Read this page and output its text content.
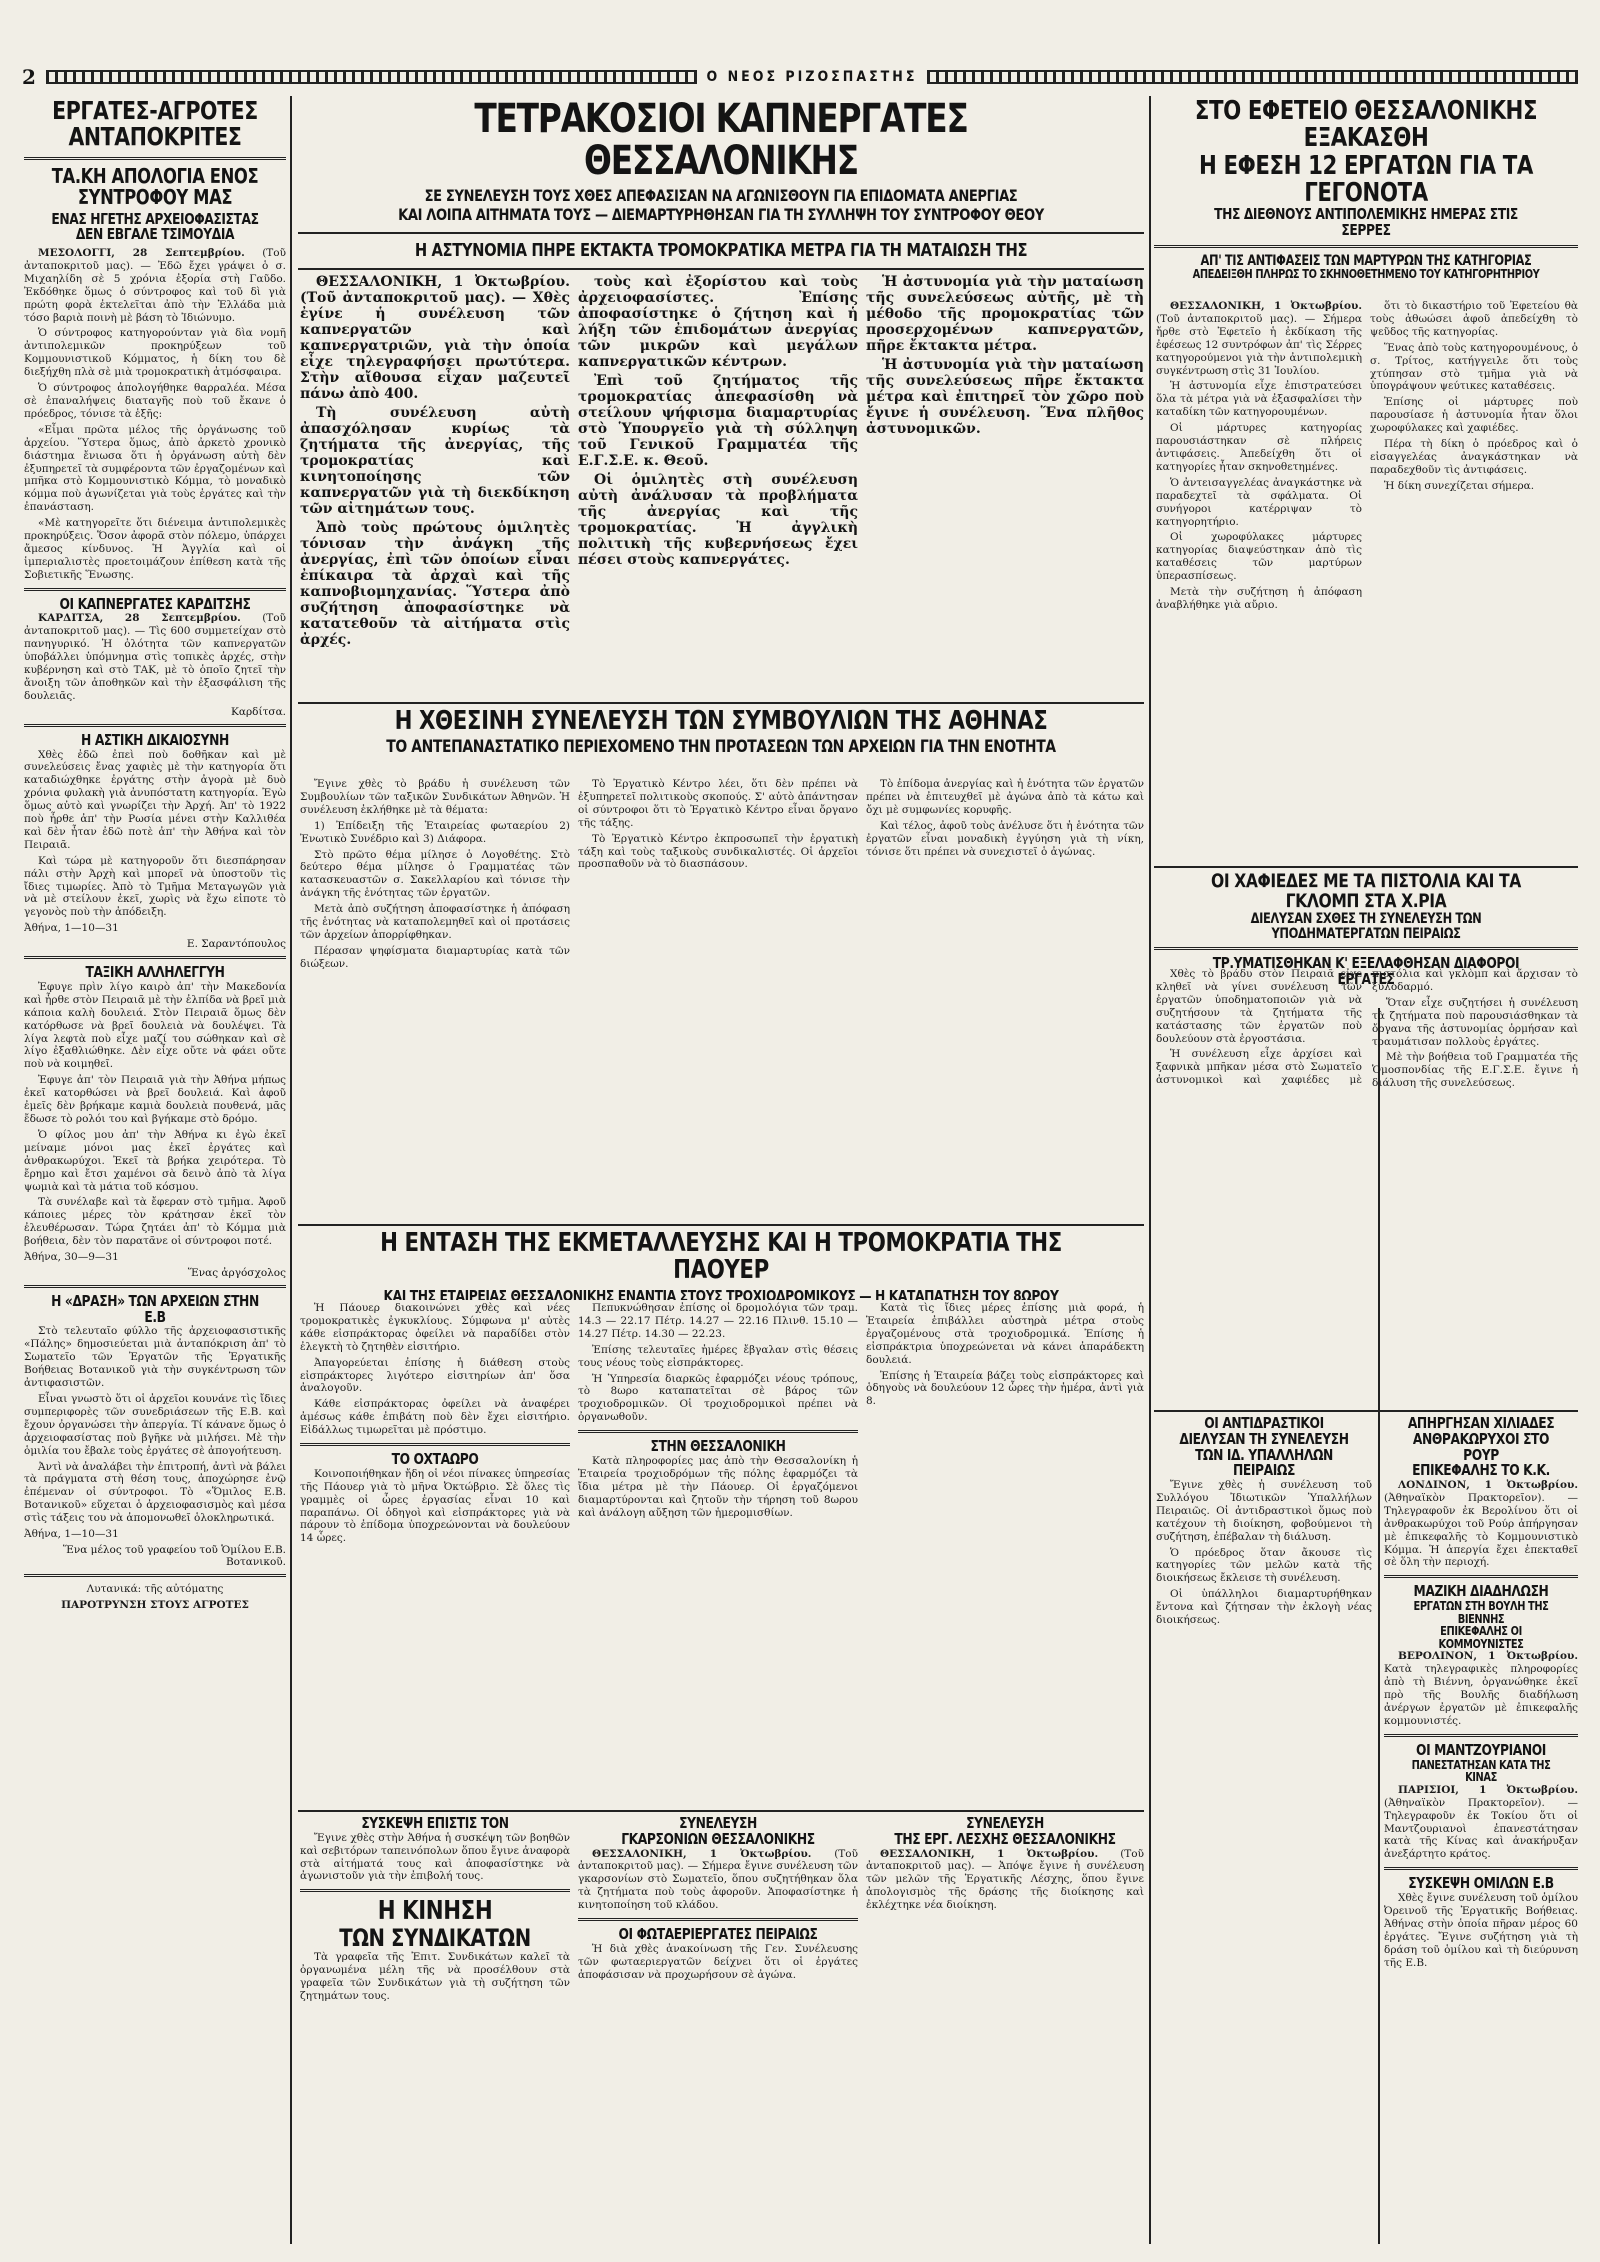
2	O ΝΕΟΣ ΡΙΖΟΣΠΑΣΤΗΣ
ΕΡΓΑΤΕΣ-ΑΓΡΟΤΕΣ ΑΝΤΑΠΟΚΡΙΤΕΣ
ΤΑ.ΚΗ ΑΠΟΛΟΓΙΑ ΕΝΟΣ ΣΥΝΤΡΟΦΟΥ ΜΑΣ
ΕΝΑΣ ΗΓΕΤΗΣ ΑΡΧΕΙΟΦΑΣΙΣΤΑΣ ΔΕΝ ΕΒΓΑΛΕ ΤΣΙΜΟΥΔΙΑ

ΜΕΣΟΛΟΓΓΙ, 28 Σεπτεμβρίου. (Τοῦ ἀνταποκριτοῦ μας). — Ἐδῶ ἔχει γράψει ὁ σ. Μιχαηλίδη σὲ 5 χρόνια ἐξορία στὴ Γαῦδο. Ἐκδόθηκε ὅμως ὁ σύντροφος καὶ τοῦ δὶ γιὰ πρώτη φορὰ ἐκτελεῖται ἀπὸ τὴν Ἑλλάδα μιὰ τόσο βαριὰ ποινὴ μὲ βάση τὸ Ἰδιώνυμο.

Ὁ σύντροφος κατηγορούνταν γιὰ δὶα νομῆ ἀντιπολεμικῶν προκηρύξεων τοῦ Κομμουνιστικοῦ Κόμματος, ἡ δίκη του δὲ διεξήχθη πλὰ σὲ μιὰ τρομοκρατικὴ ἀτμόσφαιρα.

Ὁ σύντροφος ἀπολογήθηκε θαρραλέα. Μέσα σὲ ἐπαναλήψεις διαταγῆς ποὺ τοῦ ἔκανε ὁ πρόεδρος, τόνισε τὰ ἑξῆς:

«Εἶμαι πρῶτα μέλος τῆς ὀργάνωσης τοῦ ἀρχείου. Ὕστερα ὅμως, ἀπὸ ἀρκετὸ χρονικὸ διάστημα ἔνιωσα ὅτι ἡ ὀργάνωση αὐτὴ δὲν ἐξυπηρετεῖ τὰ συμφέροντα τῶν ἐργαζομένων καὶ μπῆκα στὸ Κομμουνιστικὸ Κόμμα, τὸ μοναδικὸ κόμμα ποὺ ἀγωνίζεται γιὰ τοὺς ἐργάτες καὶ τὴν ἐπανάσταση.

«Μὲ κατηγορεῖτε ὅτι διένειμα ἀντιπολεμικὲς προκηρύξεις. Ὅσον ἀφορᾶ στὸν πόλεμο, ὑπάρχει ἄμεσος κίνδυνος. Ἡ Ἀγγλία καὶ οἱ ἱμπεριαλιστὲς προετοιμάζουν ἐπίθεση κατὰ τῆς Σοβιετικῆς Ἕνωσης.

ΟΙ ΚΑΠΝΕΡΓΑΤΕΣ ΚΑΡΔΙΤΣΗΣ

ΚΑΡΔΙΤΣΑ, 28 Σεπτεμβρίου. (Τοῦ ἀνταποκριτοῦ μας). — Τὶς 600 συμμετείχαν στὸ πανηγυρικό. Ἡ ὀλότητα τῶν καπνεργατῶν ὑποβάλλει ὑπόμνημα στὶς τοπικὲς ἀρχές, στὴν κυβέρνηση καὶ στὸ ΤΑΚ, μὲ τὸ ὁποῖο ζητεῖ τὴν ἄνοιξη τῶν ἀποθηκῶν καὶ τὴν ἐξασφάλιση τῆς δουλειᾶς.

Καρδίτσα.

Η ΑΣΤΙΚΗ ΔΙΚΑΙΟΣΥΝΗ

Χθὲς ἐδῶ ἐπεὶ ποὺ δοθῆκαν καὶ μὲ συνελεύσεις ἔνας χαφιὲς μὲ τὴν κατηγορία ὅτι καταδιώχθηκε ἐργάτης στὴν ἀγορὰ μὲ δυὸ χρόνια φυλακὴ γιὰ ἀνυπόστατη κατηγορία. Ἐγὼ ὅμως αὐτὸ καὶ γνωρίζει τὴν Ἀρχή. Ἀπ' τὸ 1922 ποὺ ἦρθε ἀπ' τὴν Ρωσία μένει στὴν Καλλιθέα καὶ δὲν ἦταν ἐδῶ ποτὲ ἀπ' τὴν Ἀθήνα καὶ τὸν Πειραιᾶ.

Καὶ τώρα μὲ κατηγοροῦν ὅτι διεσπάρησαν πάλι στὴν Ἀρχὴ καὶ μπορεῖ νὰ ὑποστοῦν τὶς ἴδιες τιμωρίες. Ἀπὸ τὸ Τμῆμα Μεταγωγῶν γιὰ νὰ μὲ στείλουν ἐκεῖ, χωρὶς νὰ ἔχω εἰποτε τὸ γεγονὸς ποὺ τὴν ἀπόδειξη.

Ἀθήνα, 1—10—31

Ε. Σαραντόπουλος

ΤΑΞΙΚΗ ΑΛΛΗΛΕΓΓΥΗ

Ἐφυγε πρὶν λίγο καιρὸ ἀπ' τὴν Μακεδονία καὶ ἦρθε στὸν Πειραιᾶ μὲ τὴν ἐλπίδα νὰ βρεῖ μιὰ κάποια καλὴ δουλειά. Στὸν Πειραιᾶ ὅμως δὲν κατόρθωσε νὰ βρεῖ δουλειὰ νὰ δουλέψει. Τὰ λίγα λεφτὰ ποὺ εἶχε μαζί του σώθηκαν καὶ σὲ λίγο ἐξαθλιώθηκε. Δὲν εἶχε οὔτε νὰ φάει οὔτε ποὺ νὰ κοιμηθεῖ.

Ἐφυγε ἀπ' τὸν Πειραιᾶ γιὰ τὴν Ἀθήνα μήπως ἐκεῖ κατορθώσει νὰ βρεῖ δουλειά. Καὶ ἀφοῦ ἐμεῖς δὲν βρήκαμε καμιὰ δουλειὰ πουθενά, μᾶς ἔδωσε τὸ ρολόι του καὶ βγήκαμε στὸ δρόμο.

Ὁ φίλος μου ἀπ' τὴν Ἀθήνα κι ἐγὼ ἐκεῖ μείναμε μόνοι μας ἐκεῖ ἐργάτες καὶ ἀνθρακωρύχοι. Ἐκεῖ τὰ βρήκα χειρότερα. Τὸ ἔρημο καὶ ἔτσι χαμένοι σὰ δεινὸ ἀπὸ τὰ λίγα ψωμιὰ καὶ τὰ μάτια τοῦ κόσμου.

Τὰ συνέλαβε καὶ τὰ ἔφεραν στὸ τμῆμα. Ἀφοῦ κάποιες μέρες τὸν κράτησαν ἐκεῖ τὸν ἐλευθέρωσαν. Τώρα ζητάει ἀπ' τὸ Κόμμα μιὰ βοήθεια, δὲν τὸν παρατᾶνε οἱ σύντροφοι ποτέ.

Ἀθήνα, 30—9—31

Ἕνας ἀργόσχολος

Η «ΔΡΑΣΗ» ΤΩΝ ΑΡΧΕΙΩΝ ΣΤΗΝ Ε.Β

Στὸ τελευταῖο φύλλο τῆς ἀρχειοφασιστικῆς «Πάλης» δημοσιεύεται μιὰ ἀνταπόκριση ἀπ' τὸ Σωματεῖο τῶν Ἐργατῶν τῆς Ἐργατικῆς Βοήθειας Βοτανικοῦ γιὰ τὴν συγκέντρωση τῶν ἀντιφασιστῶν.

Εἶναι γνωστὸ ὅτι οἱ ἀρχεῖοι κουνάνε τὶς ἴδιες συμπεριφορὲς τῶν συνεδριάσεων τῆς Ε.Β. καὶ ἔχουν ὀργανώσει τὴν ἀπεργία. Τί κάνανε ὅμως ὁ ἀρχειοφασίστας ποὺ βγῆκε νὰ μιλήσει. Μὲ τὴν ὁμιλία του ἔβαλε τοὺς ἐργάτες σὲ ἀπογοήτευση.

Ἀντὶ νὰ ἀναλάβει τὴν ἐπιτροπή, ἀντὶ νὰ βάλει τὰ πράγματα στὴ θέση τους, ἀποχώρησε ἐνῷ ἐπέμεναν οἱ σύντροφοι. Τὸ «Ὅμιλος Ε.Β. Βοτανικοῦ» εὔχεται ὁ ἀρχειοφασισμὸς καὶ μέσα στὶς τάξεις του νὰ ἀπομονωθεῖ ὁλοκληρωτικά.

Ἀθήνα, 1—10—31

Ἕνα μέλος τοῦ γραφείου τοῦ Ὁμίλου Ε.Β. Βοτανικοῦ.

Λυτανικά: τῆς αὐτόματης

ΠΑΡΟΤΡΥΝΣΗ ΣΤΟΥΣ ΑΓΡΟΤΕΣ

ΤΕΤΡΑΚΟΣΙΟΙ ΚΑΠΝΕΡΓΑΤΕΣ ΘΕΣΣΑΛΟΝΙΚΗΣ
ΣΕ ΣΥΝΕΛΕΥΣΗ ΤΟΥΣ ΧΘΕΣ ΑΠΕΦΑΣΙΣΑΝ ΝΑ ΑΓΩΝΙΣΘΟΥΝ ΓΙΑ ΕΠΙΔΟΜΑΤΑ ΑΝΕΡΓΙΑΣ
ΚΑΙ ΛΟΙΠΑ ΑΙΤΗΜΑΤΑ ΤΟΥΣ — ΔΙΕΜΑΡΤΥΡΗΘΗΣΑΝ ΓΙΑ ΤΗ ΣΥΛΛΗΨΗ ΤΟΥ ΣΥΝΤΡΟΦΟΥ ΘΕΟΥ
Η ΑΣΤΥΝΟΜΙΑ ΠΗΡΕ ΕΚΤΑΚΤΑ ΤΡΟΜΟΚΡΑΤΙΚΑ ΜΕΤΡΑ ΓΙΑ ΤΗ ΜΑΤΑΙΩΣΗ ΤΗΣ

ΘΕΣΣΑΛΟΝΙΚΗ, 1 Ὀκτωβρίου. (Τοῦ ἀνταποκριτοῦ μας). — Χθὲς ἐγίνε ἡ συνέλευση τῶν καπνεργατῶν καὶ καπνεργατριῶν, γιὰ τὴν ὁποία εἶχε τηλεγραφήσει πρωτύτερα. Στὴν αἴθουσα εἶχαν μαζευτεῖ πάνω ἀπὸ 400.

Τὴ συνέλευση αὐτὴ ἀπασχόλησαν κυρίως τὰ ζητήματα τῆς ἀνεργίας, τῆς τρομοκρατίας καὶ κινητοποίησης τῶν καπνεργατῶν γιὰ τὴ διεκδίκηση τῶν αἰτημάτων τους.

Ἀπὸ τοὺς πρώτους ὁμιλητὲς τόνισαν τὴν ἀνάγκη τῆς ἀνεργίας, ἐπὶ τῶν ὁποίων εἶναι ἐπίκαιρα τὰ ἀρχαὶ καὶ τῆς καπνοβιομηχανίας. Ὕστερα ἀπὸ συζήτηση ἀποφασίστηκε νὰ κατατεθοῦν τὰ αἰτήματα στὶς ἀρχές.

τοὺς καὶ ἐξορίστου καὶ τοὺς ἀρχειοφασίστες. Ἐπίσης ἀποφασίστηκε ὁ ζήτηση καὶ ἡ λήξη τῶν ἐπιδομάτων ἀνεργίας τῶν μικρῶν καὶ μεγάλων καπνεργατικῶν κέντρων.

Ἐπὶ τοῦ ζητήματος τῆς τρομοκρατίας ἀπεφασίσθη νὰ στείλουν ψήφισμα διαμαρτυρίας στὸ Ὑπουργεῖο γιὰ τὴ σύλληψη τοῦ Γενικοῦ Γραμματέα τῆς Ε.Γ.Σ.Ε. κ. Θεοῦ.

Οἱ ὁμιλητὲς στὴ συνέλευση αὐτὴ ἀνάλυσαν τὰ προβλήματα τῆς ἀνεργίας καὶ τῆς τρομοκρατίας. Ἡ ἀγγλικὴ πολιτικὴ τῆς κυβερνήσεως ἔχει πέσει στοὺς καπνεργάτες.

Ἡ ἀστυνομία γιὰ τὴν ματαίωση τῆς συνελεύσεως αὐτῆς, μὲ τὴ μέθοδο τῆς προμοκρατίας τῶν προσερχομένων καπνεργατῶν, πῆρε ἔκτακτα μέτρα.

Ἡ ἀστυνομία γιὰ τὴν ματαίωση τῆς συνελεύσεως πῆρε ἔκτακτα μέτρα καὶ ἐπιτηρεῖ τὸν χῶρο ποὺ ἔγινε ἡ συνέλευση. Ἕνα πλῆθος ἀστυνομικῶν.

Η ΧΘΕΣΙΝΗ ΣΥΝΕΛΕΥΣΗ ΤΩΝ ΣΥΜΒΟΥΛΙΩΝ ΤΗΣ ΑΘΗΝΑΣ
ΤΟ ΑΝΤΕΠΑΝΑΣΤΑΤΙΚΟ ΠΕΡΙΕΧΟΜΕΝΟ ΤΗΝ ΠΡΟΤΑΣΕΩΝ ΤΩΝ ΑΡΧΕΙΩΝ ΓΙΑ ΤΗΝ ΕΝΟΤΗΤΑ

Ἔγινε χθὲς τὸ βράδυ ἡ συνέλευση τῶν Συμβουλίων τῶν ταξικῶν Συνδικάτων Ἀθηνῶν. Ἡ συνέλευση ἐκλήθηκε μὲ τὰ θέματα:

1) Ἐπίδειξη τῆς Ἑταιρείας φωταερίου 2) Ἐνωτικὸ Συνέδριο καὶ 3) Διάφορα.

Στὸ πρῶτο θέμα μίλησε ὁ Λογοθέτης. Στὸ δεύτερο θέμα μίλησε ὁ Γραμματέας τῶν κατασκευαστῶν σ. Σακελλαρίου καὶ τόνισε τὴν ἀνάγκη τῆς ἑνότητας τῶν ἐργατῶν.

Μετὰ ἀπὸ συζήτηση ἀποφασίστηκε ἡ ἀπόφαση τῆς ἑνότητας νὰ καταπολεμηθεῖ καὶ οἱ προτάσεις τῶν ἀρχείων ἀπορρίφθηκαν.

Πέρασαν ψηφίσματα διαμαρτυρίας κατὰ τῶν διώξεων.

Τὸ Ἐργατικὸ Κέντρο λέει, ὅτι δὲν πρέπει νὰ ἐξυπηρετεῖ πολιτικοὺς σκοπούς. Σ' αὐτὸ ἀπάντησαν οἱ σύντροφοι ὅτι τὸ Ἐργατικὸ Κέντρο εἶναι ὄργανο τῆς τάξης.

Τὸ Ἐργατικὸ Κέντρο ἐκπροσωπεῖ τὴν ἐργατικὴ τάξη καὶ τοὺς ταξικοὺς συνδικαλιστές. Οἱ ἀρχεῖοι προσπαθοῦν νὰ τὸ διασπάσουν.

Τὸ ἐπίδομα ἀνεργίας καὶ ἡ ἑνότητα τῶν ἐργατῶν πρέπει νὰ ἐπιτευχθεῖ μὲ ἀγώνα ἀπὸ τὰ κάτω καὶ ὄχι μὲ συμφωνίες κορυφῆς.

Καὶ τέλος, ἀφοῦ τοὺς ἀνέλυσε ὅτι ἡ ἑνότητα τῶν ἐργατῶν εἶναι μοναδικὴ ἐγγύηση γιὰ τὴ νίκη, τόνισε ὅτι πρέπει νὰ συνεχιστεῖ ὁ ἀγώνας.

Η ΕΝΤΑΣΗ ΤΗΣ ΕΚΜΕΤΑΛΛΕΥΣΗΣ ΚΑΙ Η ΤΡΟΜΟΚΡΑΤΙΑ ΤΗΣ ΠΑΟΥΕΡ
ΚΑΙ ΤΗΣ ΕΤΑΙΡΕΙΑΣ ΘΕΣΣΑΛΟΝΙΚΗΣ ΕΝΑΝΤΙΑ ΣΤΟΥΣ ΤΡΟΧΙΟΔΡΟΜΙΚΟΥΣ — Η ΚΑΤΑΠΑΤΗΣΗ ΤΟΥ 8ΩΡΟΥ

Ἡ Πάουερ διακοινώνει χθὲς καὶ νέες τρομοκρατικὲς ἐγκυκλίους. Σύμφωνα μ' αὐτὲς κάθε εἰσπράκτορας ὀφείλει νὰ παραδίδει στὸν ἐλεγκτὴ τὸ ζητηθὲν εἰσιτήριο.

Ἀπαγορεύεται ἐπίσης ἡ διάθεση στοὺς εἰσπράκτορες λιγότερο εἰσιτηρίων ἀπ' ὅσα ἀναλογοῦν.

Κάθε εἰσπράκτορας ὀφείλει νὰ ἀναφέρει ἀμέσως κάθε ἐπιβάτη ποὺ δὲν ἔχει εἰσιτήριο. Εἰδάλλως τιμωρεῖται μὲ πρόστιμο.

ΤΟ ΟΧΤΑΩΡΟ

Κοινοποιήθηκαν ἤδη οἱ νέοι πίνακες ὑπηρεσίας τῆς Πάουερ γιὰ τὸ μῆνα Ὀκτώβριο. Σὲ ὅλες τὶς γραμμὲς οἱ ὧρες ἐργασίας εἶναι 10 καὶ παραπάνω. Οἱ ὁδηγοὶ καὶ εἰσπράκτορες γιὰ νὰ πάρουν τὸ ἐπίδομα ὑποχρεώνονται νὰ δουλεύουν 14 ὧρες.

Πεπυκνώθησαν ἐπίσης οἱ δρομολόγια τῶν τραμ. 14.3 — 22.17 Πέτρ. 14.27 — 22.16 Πλινθ. 15.10 — 14.27 Πέτρ. 14.30 — 22.23.

Ἐπίσης τελευταῖες ἡμέρες ἔβγαλαν στὶς θέσεις τους νέους τοὺς εἰσπράκτορες.

Ἡ Ὑπηρεσία διαρκῶς ἐφαρμόζει νέους τρόπους, τὸ 8ωρο καταπατεῖται σὲ βάρος τῶν τροχιοδρομικῶν. Οἱ τροχιοδρομικοὶ πρέπει νὰ ὀργανωθοῦν.

ΣΤΗΝ ΘΕΣΣΑΛΟΝΙΚΗ

Κατὰ πληροφορίες μας ἀπὸ τὴν Θεσσαλονίκη ἡ Ἑταιρεία τροχιοδρόμων τῆς πόλης ἐφαρμόζει τὰ ἴδια μέτρα μὲ τὴν Πάουερ. Οἱ ἐργαζόμενοι διαμαρτύρονται καὶ ζητοῦν τὴν τήρηση τοῦ 8ωρου καὶ ἀνάλογη αὔξηση τῶν ἡμερομισθίων.

Κατὰ τὶς ἴδιες μέρες ἐπίσης μιὰ φορά, ἡ Ἑταιρεία ἐπιβάλλει αὐστηρὰ μέτρα στοὺς ἐργαζομένους στὰ τροχιοδρομικά. Ἐπίσης ἡ εἰσπράκτρια ὑποχρεώνεται νὰ κάνει ἀπαράδεκτη δουλειά.

Ἐπίσης ἡ Ἑταιρεία βάζει τοὺς εἰσπράκτορες καὶ ὁδηγοὺς νὰ δουλεύουν 12 ὧρες τὴν ἡμέρα, ἀντὶ γιὰ 8.

ΣΥΣΚΕΨΗ ΕΠΙΣΤΙΣ ΤΟΝ

Ἔγινε χθὲς στὴν Ἀθήνα ἡ συσκέψη τῶν βοηθῶν καὶ σεβιτόρων ταπεινόπολων ὅπου ἔγινε ἀναφορὰ στὰ αἰτήματά τους καὶ ἀποφασίστηκε νὰ ἀγωνιστοῦν γιὰ τὴν ἐπιβολή τους.

Η ΚΙΝΗΣΗ
ΤΩΝ ΣΥΝΔΙΚΑΤΩΝ

Τὰ γραφεῖα τῆς Ἐπιτ. Συνδικάτων καλεῖ τὰ ὀργανωμένα μέλη τῆς νὰ προσέλθουν στὰ γραφεῖα τῶν Συνδικάτων γιὰ τὴ συζήτηση τῶν ζητημάτων τους.

ΣΥΝΕΛΕΥΣΗ
ΓΚΑΡΣΟΝΙΩΝ ΘΕΣΣΑΛΟΝΙΚΗΣ

ΘΕΣΣΑΛΟΝΙΚΗ, 1 Ὀκτωβρίου. (Τοῦ ἀνταποκριτοῦ μας). — Σήμερα ἔγινε συνέλευση τῶν γκαρσονίων στὸ Σωματεῖο, ὅπου συζητήθηκαν ὅλα τὰ ζητήματα ποὺ τοὺς ἀφοροῦν. Ἀποφασίστηκε ἡ κινητοποίηση τοῦ κλάδου.

ΟΙ ΦΩΤΑΕΡΙΕΡΓΑΤΕΣ ΠΕΙΡΑΙΩΣ

Ἡ διὰ χθὲς ἀνακοίνωση τῆς Γεν. Συνέλευσης τῶν φωταεριεργατῶν δείχνει ὅτι οἱ ἐργάτες ἀποφάσισαν νὰ προχωρήσουν σὲ ἀγώνα.

ΣΥΝΕΛΕΥΣΗ
ΤΗΣ ΕΡΓ. ΛΕΣΧΗΣ ΘΕΣΣΑΛΟΝΙΚΗΣ

ΘΕΣΣΑΛΟΝΙΚΗ, 1 Ὀκτωβρίου. (Τοῦ ἀνταποκριτοῦ μας). — Ἀπόψε ἔγινε ἡ συνέλευση τῶν μελῶν τῆς Ἐργατικῆς Λέσχης, ὅπου ἔγινε ἀπολογισμὸς τῆς δράσης τῆς διοίκησης καὶ ἐκλέχτηκε νέα διοίκηση.

ΣΤΟ ΕΦΕΤΕΙΟ ΘΕΣΣΑΛΟΝΙΚΗΣ ΕΞΑΚΑΣΘΗ
Η ΕΦΕΣΗ 12 ΕΡΓΑΤΩΝ ΓΙΑ ΤΑ ΓΕΓΟΝΟΤΑ
ΤΗΣ ΔΙΕΘΝΟΥΣ ΑΝΤΙΠΟΛΕΜΙΚΗΣ ΗΜΕΡΑΣ ΣΤΙΣ ΣΕΡΡΕΣ
ΑΠ' ΤΙΣ ΑΝΤΙΦΑΣΕΙΣ ΤΩΝ ΜΑΡΤΥΡΩΝ ΤΗΣ ΚΑΤΗΓΟΡΙΑΣ
ΑΠΕΔΕΙΞΘΗ ΠΛΗΡΩΣ ΤΟ ΣΚΗΝΟΘΕΤΗΜΕΝΟ ΤΟΥ ΚΑΤΗΓΟΡΗΤΗΡΙΟΥ

ΘΕΣΣΑΛΟΝΙΚΗ, 1 Ὀκτωβρίου. (Τοῦ ἀνταποκριτοῦ μας). — Σήμερα ἤρθε στὸ Ἐφετεῖο ἡ ἐκδίκαση τῆς ἐφέσεως 12 συντρόφων ἀπ' τὶς Σέρρες κατηγορούμενοι γιὰ τὴν ἀντιπολεμικὴ συγκέντρωση στὶς 31 Ἰουλίου.

Ἡ ἀστυνομία εἶχε ἐπιστρατεύσει ὅλα τὰ μέτρα γιὰ νὰ ἐξασφαλίσει τὴν καταδίκη τῶν κατηγορουμένων.

Οἱ μάρτυρες κατηγορίας παρουσιάστηκαν σὲ πλήρεις ἀντιφάσεις. Ἀπεδείχθη ὅτι οἱ κατηγορίες ἦταν σκηνοθετημένες.

Ὁ ἀντεισαγγελέας ἀναγκάστηκε νὰ παραδεχτεῖ τὰ σφάλματα. Οἱ συνήγοροι κατέρριψαν τὸ κατηγορητήριο.

Οἱ χωροφύλακες μάρτυρες κατηγορίας διαψεύστηκαν ἀπὸ τὶς καταθέσεις τῶν μαρτύρων ὑπερασπίσεως.

Μετὰ τὴν συζήτηση ἡ ἀπόφαση ἀναβλήθηκε γιὰ αὔριο.

ὅτι τὸ δικαστήριο τοῦ Ἐφετείου θὰ τοὺς ἀθωώσει ἀφοῦ ἀπεδείχθη τὸ ψεῦδος τῆς κατηγορίας.

Ἕνας ἀπὸ τοὺς κατηγορουμένους, ὁ σ. Τρίτος, κατήγγειλε ὅτι τοὺς χτύπησαν στὸ τμῆμα γιὰ νὰ ὑπογράψουν ψεύτικες καταθέσεις.

Ἐπίσης οἱ μάρτυρες ποὺ παρουσίασε ἡ ἀστυνομία ἦταν ὅλοι χωροφύλακες καὶ χαφιέδες.

Πέρα τὴ δίκη ὁ πρόεδρος καὶ ὁ εἰσαγγελέας ἀναγκάστηκαν νὰ παραδεχθοῦν τὶς ἀντιφάσεις.

Ἡ δίκη συνεχίζεται σήμερα.

ΟΙ ΧΑΦΙΕΔΕΣ ΜΕ ΤΑ ΠΙΣΤΟΛΙΑ ΚΑΙ ΤΑ ΓΚΛΟΜΠ ΣΤΑ Χ.ΡΙΑ
ΔΙΕΛΥΣΑΝ ΣΧΘΕΣ ΤΗ ΣΥΝΕΛΕΥΣΗ ΤΩΝ ΥΠΟΔΗΜΑΤΕΡΓΑΤΩΝ ΠΕΙΡΑΙΩΣ
ΤΡ.ΥΜΑΤΙΣΘΗΚΑΝ Κ' ΕΞΕΛΑΦΘΗΣΑΝ ΔΙΑΦΟΡΟΙ ΕΡΓΑΤΕΣ

Χθὲς τὸ βράδυ στὸν Πειραιᾶ εἶχε κληθεῖ νὰ γίνει συνέλευση τῶν ἐργατῶν ὑποδηματοποιῶν γιὰ νὰ συζητήσουν τὰ ζητήματα τῆς κατάστασης τῶν ἐργατῶν ποὺ δουλεύουν στὰ ἐργοστάσια.

Ἡ συνέλευση εἶχε ἀρχίσει καὶ ξαφνικὰ μπῆκαν μέσα στὸ Σωματεῖο ἀστυνομικοὶ καὶ χαφιέδες μὲ πιστόλια καὶ γκλὸμπ καὶ ἄρχισαν τὸ ξυλοδαρμό.

Ὅταν εἶχε συζητήσει ἡ συνέλευση τὰ ζητήματα ποὺ παρουσιάσθηκαν τὰ ὄργανα τῆς ἀστυνομίας ὁρμήσαν καὶ τραυμάτισαν πολλοὺς ἐργάτες.

Μὲ τὴν βοήθεια τοῦ Γραμματέα τῆς Ὁμοσπονδίας τῆς Ε.Γ.Σ.Ε. ἔγινε ἡ διάλυση τῆς συνελεύσεως.

ΟΙ ΑΝΤΙΔΡΑΣΤΙΚΟΙ
ΔΙΕΛΥΣΑΝ ΤΗ ΣΥΝΕΛΕΥΣΗ
ΤΩΝ ΙΔ. ΥΠΑΛΛΗΛΩΝ ΠΕΙΡΑΙΩΣ

Ἔγινε χθὲς ἡ συνέλευση τοῦ Συλλόγου Ἰδιωτικῶν Ὑπαλλήλων Πειραιῶς. Οἱ ἀντιδραστικοὶ ὅμως ποὺ κατέχουν τὴ διοίκηση, φοβούμενοι τὴ συζήτηση, ἐπέβαλαν τὴ διάλυση.

Ὁ πρόεδρος ὅταν ἄκουσε τὶς κατηγορίες τῶν μελῶν κατὰ τῆς διοικήσεως ἔκλεισε τὴ συνέλευση.

Οἱ ὑπάλληλοι διαμαρτυρήθηκαν ἔντονα καὶ ζήτησαν τὴν ἐκλογὴ νέας διοικήσεως.

ΑΠΗΡΓΗΣΑΝ ΧΙΛΙΑΔΕΣ
ΑΝΘΡΑΚΩΡΥΧΟΙ ΣΤΟ ΡΟΥΡ
ΕΠΙΚΕΦΑΛΗΣ ΤΟ Κ.Κ.

ΛΟΝΔΙΝΟΝ, 1 Ὀκτωβρίου. (Ἀθηναϊκὸν Πρακτορεῖον). — Τηλεγραφοῦν ἐκ Βερολίνου ὅτι οἱ ἀνθρακωρύχοι τοῦ Ρούρ ἀπήργησαν μὲ ἐπικεφαλῆς τὸ Κομμουνιστικὸ Κόμμα. Ἡ ἀπεργία ἔχει ἐπεκταθεῖ σὲ ὅλη τὴν περιοχή.

ΜΑΖΙΚΗ ΔΙΑΔΗΛΩΣΗ
ΕΡΓΑΤΩΝ ΣΤΗ ΒΟΥΛΗ ΤΗΣ ΒΙΕΝΝΗΣ
ΕΠΙΚΕΦΑΛΗΣ ΟΙ ΚΟΜΜΟΥΝΙΣΤΕΣ

ΒΕΡΟΛΙΝΟΝ, 1 Ὀκτωβρίου. Κατὰ τηλεγραφικὲς πληροφορίες ἀπὸ τὴ Βιέννη, ὀργανώθηκε ἐκεῖ πρὸ τῆς Βουλῆς διαδήλωση ἀνέργων ἐργατῶν μὲ ἐπικεφαλῆς κομμουνιστές.

ΟΙ ΜΑΝΤΖΟΥΡΙΑΝΟΙ
ΠΑΝΕΣΤΑΤΗΣΑΝ ΚΑΤΑ ΤΗΣ ΚΙΝΑΣ

ΠΑΡΙΣΙΟΙ, 1 Ὀκτωβρίου. (Ἀθηναϊκὸν Πρακτορεῖον). — Τηλεγραφοῦν ἐκ Τοκίου ὅτι οἱ Μαντζουριανοὶ ἐπανεστάτησαν κατὰ τῆς Κίνας καὶ ἀνακήρυξαν ἀνεξάρτητο κράτος.

ΣΥΣΚΕΨΗ ΟΜΙΛΩΝ Ε.Β

Χθὲς ἔγινε συνέλευση τοῦ ὁμίλου Ὀρεινοῦ τῆς Ἐργατικῆς Βοήθειας. Ἀθήνας στὴν ὁποία πῆραν μέρος 60 ἐργάτες. Ἔγινε συζήτηση γιὰ τὴ δράση τοῦ ὁμίλου καὶ τὴ διεύρυνση τῆς Ε.Β.
